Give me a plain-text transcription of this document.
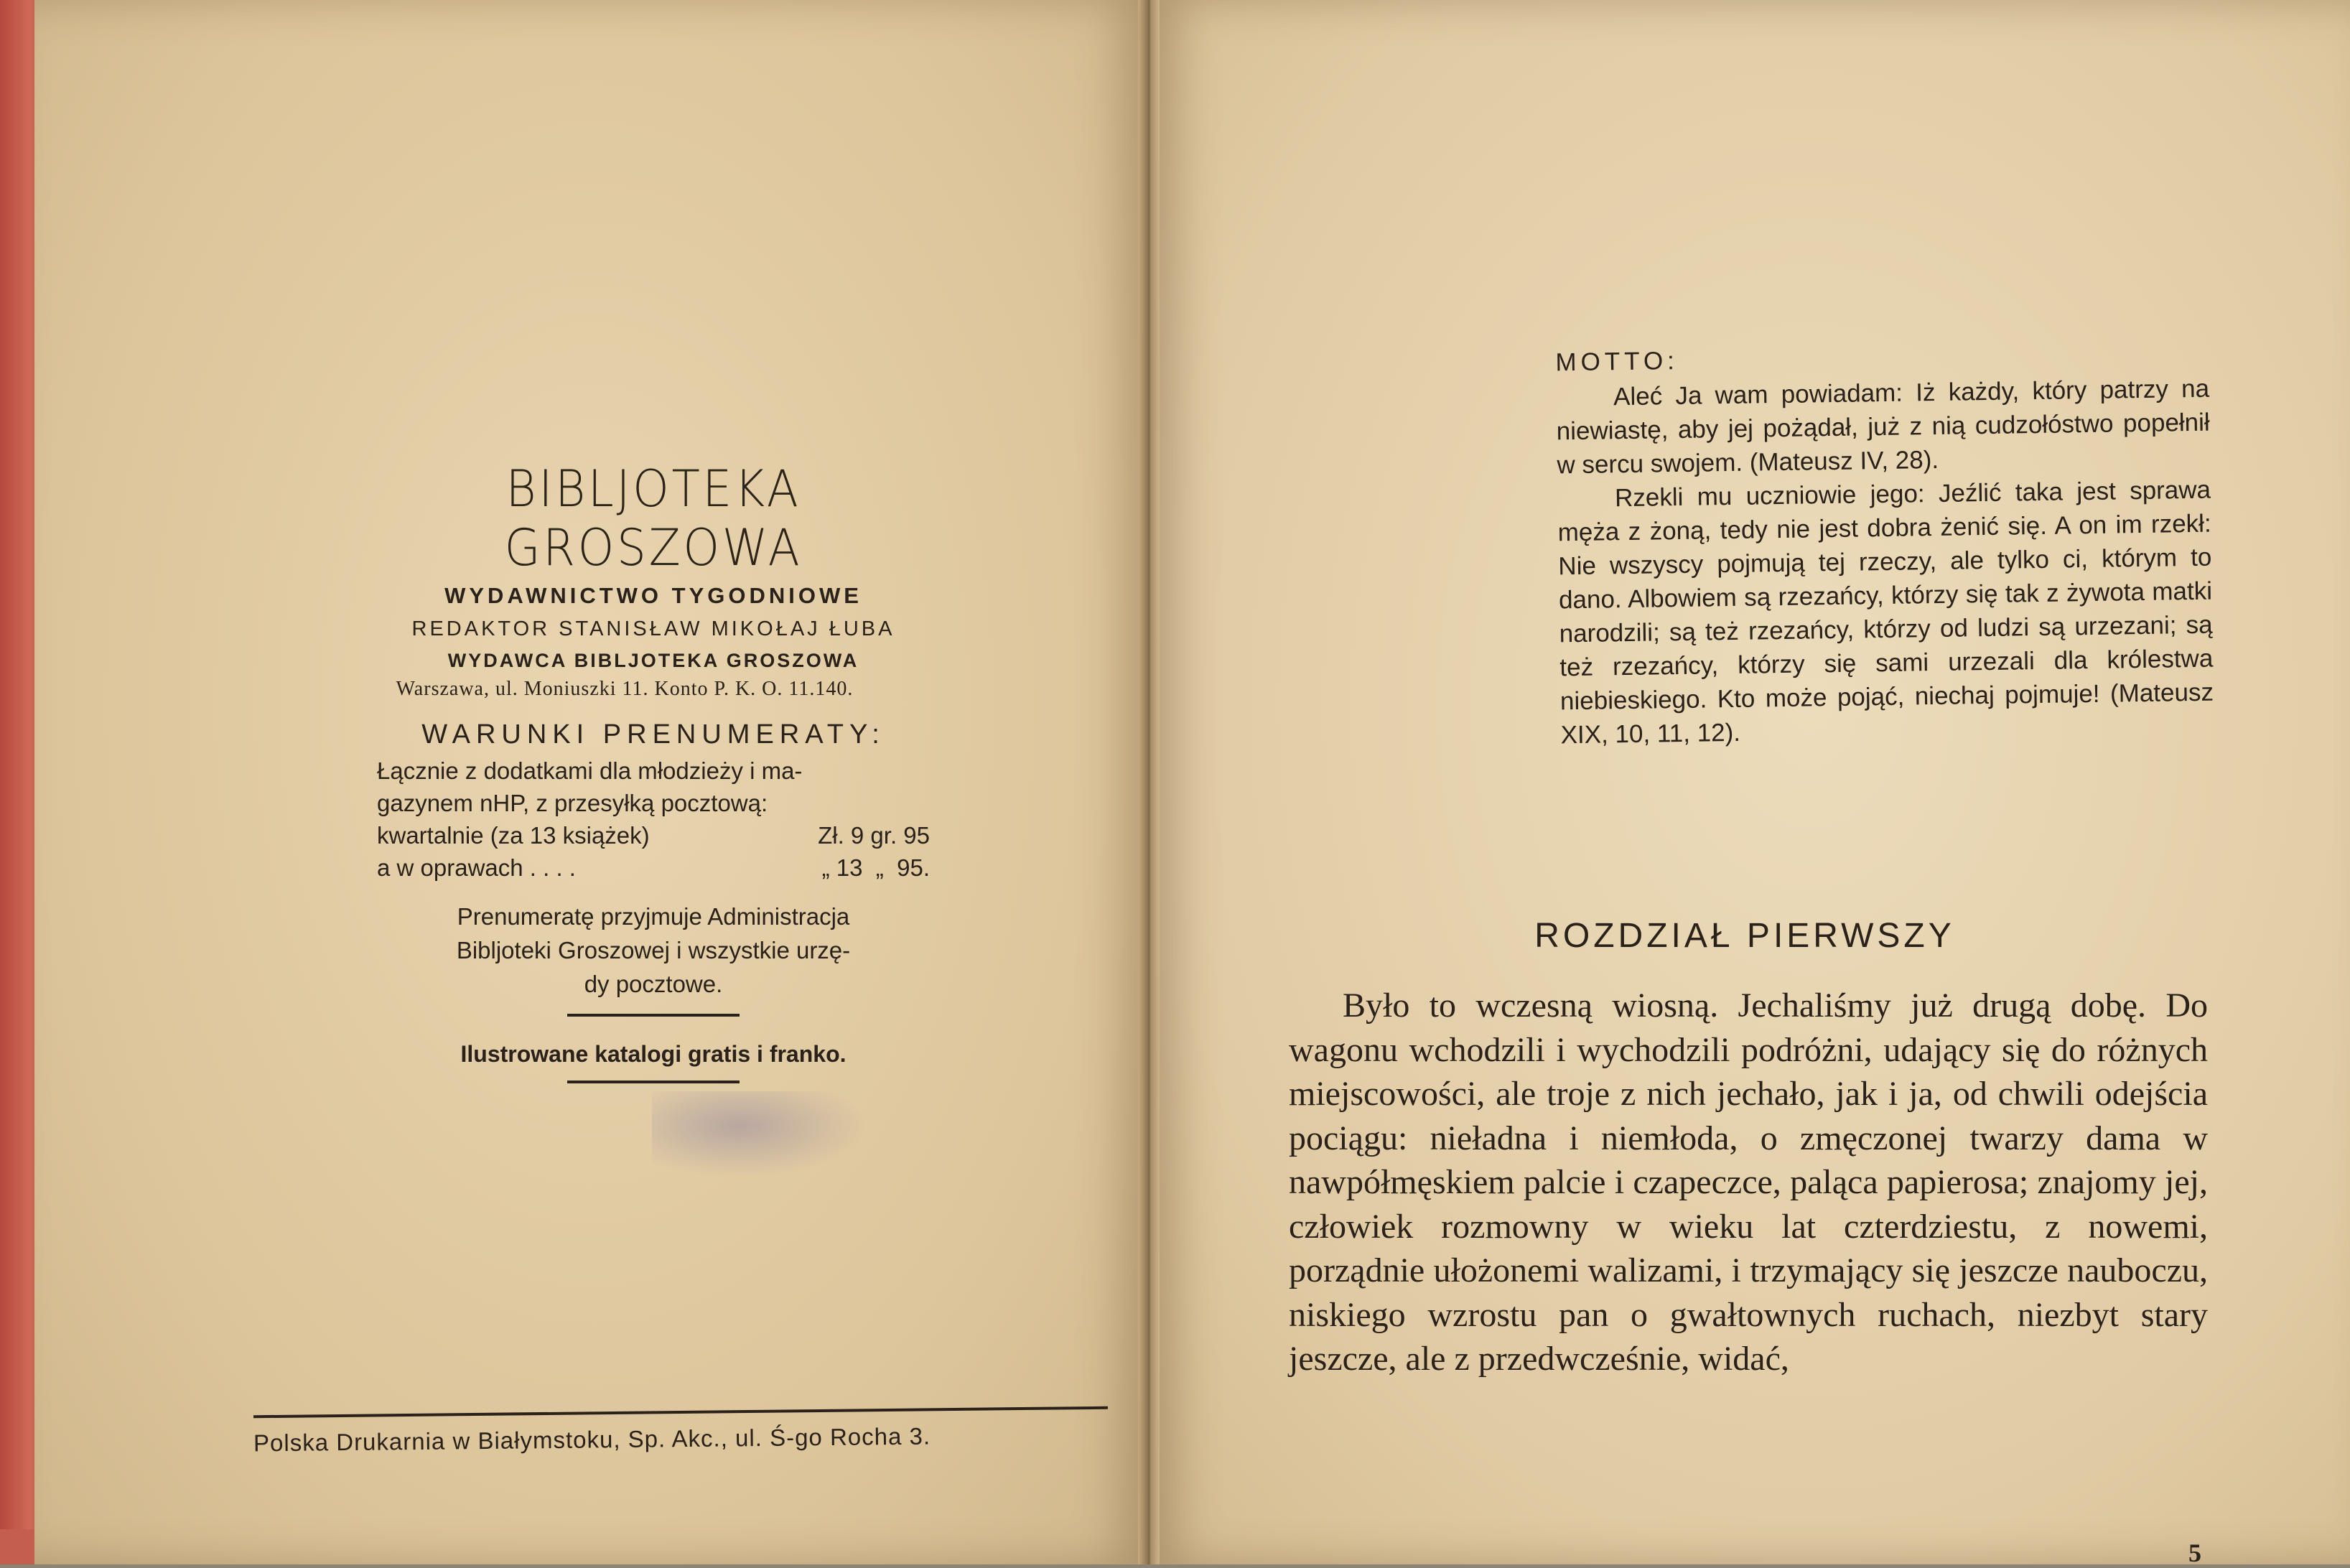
BIBLJOTEKA GROSZOWA
WYDAWNICTWO TYGODNIOWE
REDAKTOR STANISŁAW MIKOŁAJ ŁUBA
WYDAWCA BIBLJOTEKA GROSZOWA
Warszawa, ul. Moniuszki 11. Konto P. K. O. 11.140.
WARUNKI PRENUMERATY:
Łącznie z dodatkami dla młodzieży i ma-
gazynem nHP, z przesyłką pocztową:
kwartalnie (za 13 książek)	Zł. 9 gr. 95
a w oprawach . . . .	„ 13  „  95.
Prenumeratę przyjmuje Administracja
Bibljoteki Groszowej i wszystkie urzę-
dy pocztowe.
Ilustrowane katalogi gratis i franko.
Polska Drukarnia w Białymstoku, Sp. Akc., ul. Ś-go Rocha 3.
MOTTO:

Aleć Ja wam powiadam: Iż każdy, który patrzy na niewiastę, aby jej pożądał, już z nią cudzołóstwo popełnił w sercu swojem. (Mateusz IV, 28).

Rzekli mu uczniowie jego: Jeźlić taka jest sprawa męża z żoną, tedy nie jest dobra żenić się. A on im rzekł: Nie wszyscy pojmują tej rzeczy, ale tylko ci, którym to dano. Albowiem są rzezańcy, którzy się tak z żywota matki narodzili; są też rzezańcy, którzy od ludzi są urzezani; są też rzezańcy, którzy się sami urzezali dla królestwa niebieskiego. Kto może pojąć, niechaj pojmuje! (Mateusz XIX, 10, 11, 12).

ROZDZIAŁ PIERWSZY
Było to wczesną wiosną. Jechaliśmy już drugą dobę. Do wagonu wchodzili i wychodzili podróżni, udający się do różnych miejscowości, ale troje z nich jechało, jak i ja, od chwili odejścia pociągu: nieładna i niemłoda, o zmęczonej twarzy dama w nawpółmęskiem palcie i czapeczce, paląca papierosa; znajomy jej, człowiek rozmowny w wieku lat czterdziestu, z nowemi, porządnie ułożonemi walizami, i trzymający się jeszcze nauboczu, niskiego wzrostu pan o gwałtownych ruchach, niezbyt stary jeszcze, ale z przedwcześnie, widać,
5
